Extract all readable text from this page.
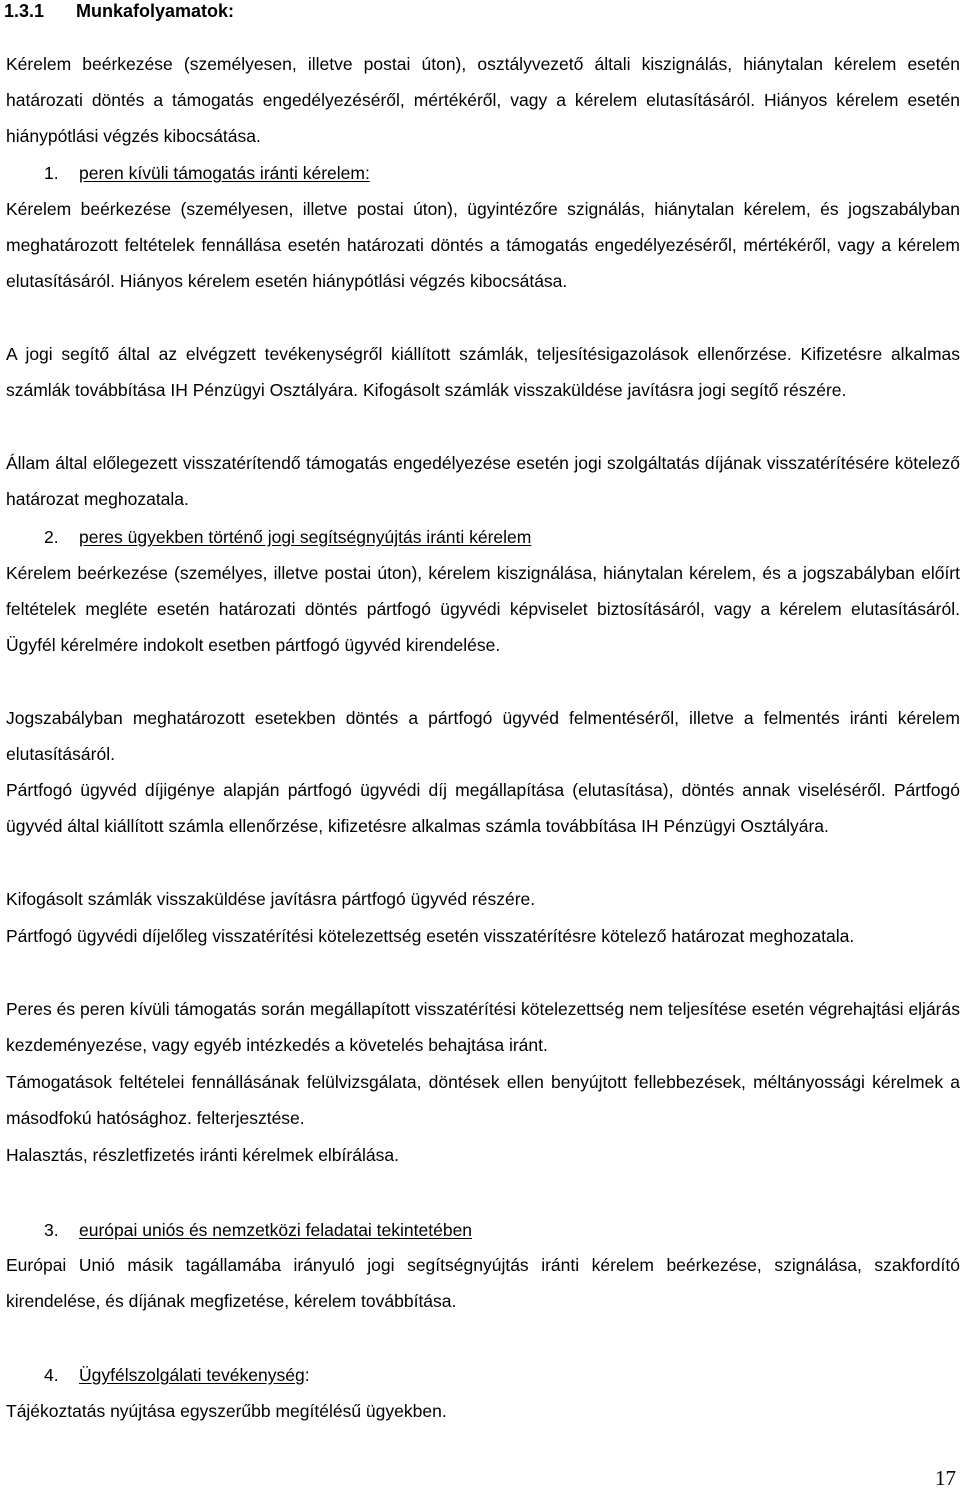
1.3.1 Munkafolyamatok:

Kérelem beérkezése (személyesen, illetve postai úton), osztályvezető általi kiszignálás, hiánytalan kérelem esetén határozati döntés a támogatás engedélyezéséről, mértékéről, vagy a kérelem elutasításáról. Hiányos kérelem esetén hiánypótlási végzés kibocsátása.

1. peren kívüli támogatás iránti kérelem:

Kérelem beérkezése (személyesen, illetve postai úton), ügyintézőre szignálás, hiánytalan kérelem, és jogszabályban meghatározott feltételek fennállása esetén határozati döntés a támogatás engedélyezéséről, mértékéről, vagy a kérelem elutasításáról. Hiányos kérelem esetén hiánypótlási végzés kibocsátása.

A jogi segítő által az elvégzett tevékenységről kiállított számlák, teljesítésigazolások ellenőrzése. Kifizetésre alkalmas számlák továbbítása IH Pénzügyi Osztályára. Kifogásolt számlák visszaküldése javításra jogi segítő részére.

Állam által előlegezett visszatérítendő támogatás engedélyezése esetén jogi szolgáltatás díjának visszatérítésére kötelező határozat meghozatala.

2. peres ügyekben történő jogi segítségnyújtás iránti kérelem

Kérelem beérkezése (személyes, illetve postai úton), kérelem kiszignálása, hiánytalan kérelem, és a jogszabályban előírt feltételek megléte esetén határozati döntés pártfogó ügyvédi képviselet biztosításáról, vagy a kérelem elutasításáról. Ügyfél kérelmére indokolt esetben pártfogó ügyvéd kirendelése.

Jogszabályban meghatározott esetekben döntés a pártfogó ügyvéd felmentéséről, illetve a felmentés iránti kérelem elutasításáról.

Pártfogó ügyvéd díjigénye alapján pártfogó ügyvédi díj megállapítása (elutasítása), döntés annak viseléséről. Pártfogó ügyvéd által kiállított számla ellenőrzése, kifizetésre alkalmas számla továbbítása IH Pénzügyi Osztályára.

Kifogásolt számlák visszaküldése javításra pártfogó ügyvéd részére.

Pártfogó ügyvédi díjelőleg visszatérítési kötelezettség esetén visszatérítésre kötelező határozat meghozatala.

Peres és peren kívüli támogatás során megállapított visszatérítési kötelezettség nem teljesítése esetén végrehajtási eljárás kezdeményezése, vagy egyéb intézkedés a követelés behajtása iránt.

Támogatások feltételei fennállásának felülvizsgálata, döntések ellen benyújtott fellebbezések, méltányossági kérelmek a másodfokú hatósághoz. felterjesztése.

Halasztás, részletfizetés iránti kérelmek elbírálása.

3. európai uniós és nemzetközi feladatai tekintetében

Európai Unió másik tagállamába irányuló jogi segítségnyújtás iránti kérelem beérkezése, szignálása, szakfordító kirendelése, és díjának megfizetése, kérelem továbbítása.

4. Ügyfélszolgálati tevékenység:

Tájékoztatás nyújtása egyszerűbb megítélésű ügyekben.

17
